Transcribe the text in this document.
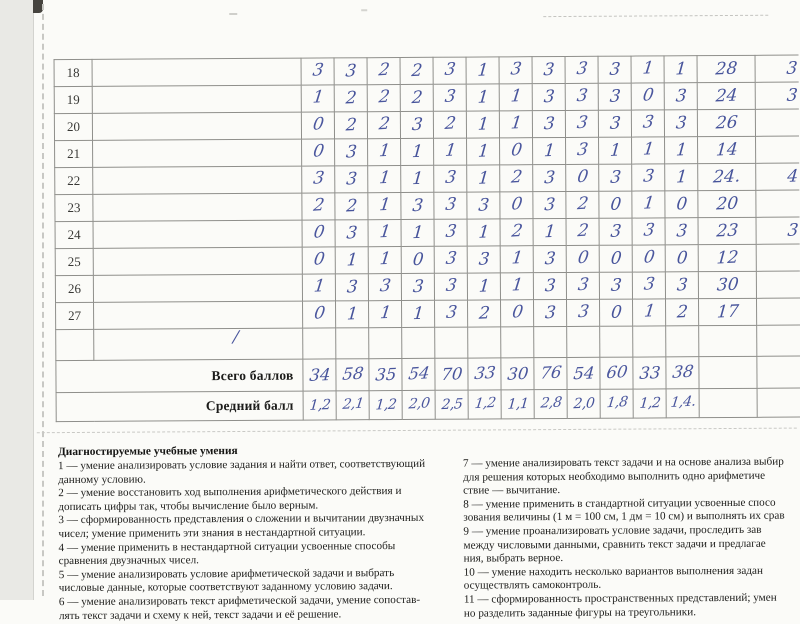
18		3	3	2	2	3	1	3	3	3	3	1	1	28	3
19		1	2	2	2	3	1	1	3	3	3	0	3	24	3
20		0	2	2	3	2	1	1	3	3	3	3	3	26	
21		0	3	1	1	1	1	0	1	3	1	1	1	14	
22		3	3	1	1	3	1	2	3	0	3	3	1	24.	4
23		2	2	1	3	3	3	0	3	2	0	1	0	20	
24		0	3	1	1	3	1	2	1	2	3	3	3	23	3
25		0	1	1	0	3	3	1	3	0	0	0	0	12	
26		1	3	3	3	3	1	1	3	3	3	3	3	30	
27		0	1	1	1	3	2	0	3	3	0	1	2	17	

Всего баллов		34	58	35	54	70	33	30	76	54	60	33	38		
Средний балл		1,2	2,1	1,2	2,0	2,5	1,2	1,1	2,8	2,0	1,8	1,2	1,4.		
/
Диагностируемые учебные умения
1 — умение анализировать условие задания и найти ответ, соответствующий
данному условию.
2 — умение восстановить ход выполнения арифметического действия и
дописать цифры так, чтобы вычисление было верным.
3 — сформированность представления о сложении и вычитании двузначных
чисел; умение применить эти знания в нестандартной ситуации.
4 — умение применить в нестандартной ситуации усвоенные способы
сравнения двузначных чисел.
5 — умение анализировать условие арифметической задачи и выбрать
числовые данные, которые соответствуют заданному условию задачи.
6 — умение анализировать текст арифметической задачи, умение сопостав-
лять текст задачи и схему к ней, текст задачи и её решение.
7 — умение анализировать текст задачи и на основе анализа выбир
для решения которых необходимо выполнить одно арифметиче
ствие — вычитание.
8 — умение применить в стандартной ситуации усвоенные спосо
зования величины (1 м = 100 см, 1 дм = 10 см) и выполнять их срав
9 — умение проанализировать условие задачи, проследить зав
между числовыми данными, сравнить текст задачи и предлагае
ния, выбрать верное.
10 — умение находить несколько вариантов выполнения задан
осуществлять самоконтроль.
11 — сформированность пространственных представлений; умен
но разделить заданные фигуры на треугольники.
